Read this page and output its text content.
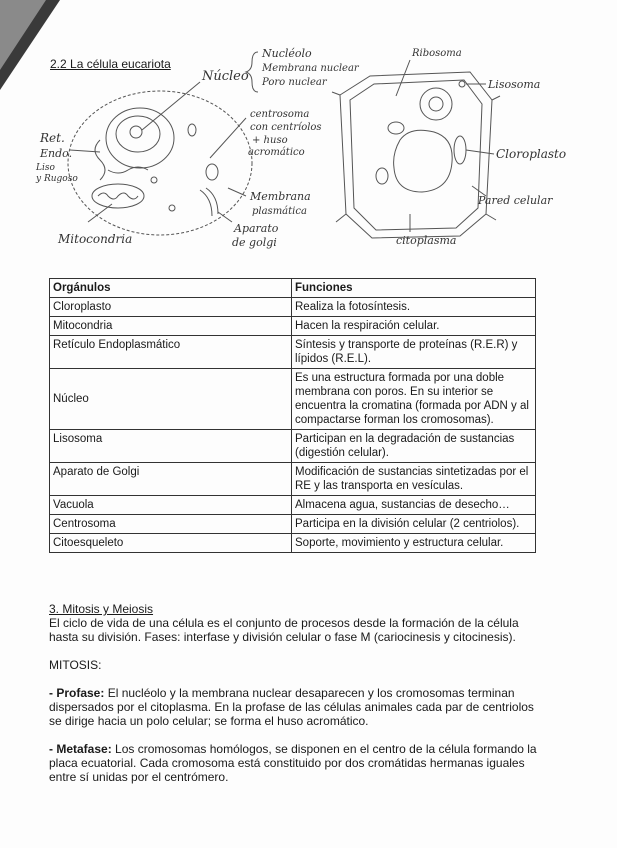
2.2 La célula eucariota
Nucléolo
Membrana nuclear
Poro nuclear
Núcleo
centrosoma
con centríolos
+ huso
acromático
Ret.
Endo.
Liso
y Rugoso
Membrana
plasmática
Aparato
de golgi
Mitocondria
Ribosoma
Lisosoma
Cloroplasto
Pared celular
citoplasma
Orgánulos	Funciones
Cloroplasto	Realiza la fotosíntesis.
Mitocondria	Hacen la respiración celular.
Retículo Endoplasmático	Síntesis y transporte de proteínas (R.E.R) y lípidos (R.E.L).
Núcleo	Es una estructura formada por una doble membrana con poros. En su interior se encuentra la cromatina (formada por ADN y al compactarse forman los cromosomas).
Lisosoma	Participan en la degradación de sustancias (digestión celular).
Aparato de Golgi	Modificación de sustancias sintetizadas por el RE y las transporta en vesículas.
Vacuola	Almacena agua, sustancias de desecho…
Centrosoma	Participa en la división celular (2 centriolos).
Citoesqueleto	Soporte, movimiento y estructura celular.
3. Mitosis y Meiosis
El ciclo de vida de una célula es el conjunto de procesos desde la formación de la célula hasta su división. Fases: interfase y división celular o fase M (cariocinesis y citocinesis).
MITOSIS:
- Profase: El nucléolo y la membrana nuclear desaparecen y los cromosomas terminan dispersados por el citoplasma. En la profase de las células animales cada par de centriolos se dirige hacia un polo celular; se forma el huso acromático.
- Metafase: Los cromosomas homólogos, se disponen en el centro de la célula formando la placa ecuatorial. Cada cromosoma está constituido por dos cromátidas hermanas iguales entre sí unidas por el centrómero.
